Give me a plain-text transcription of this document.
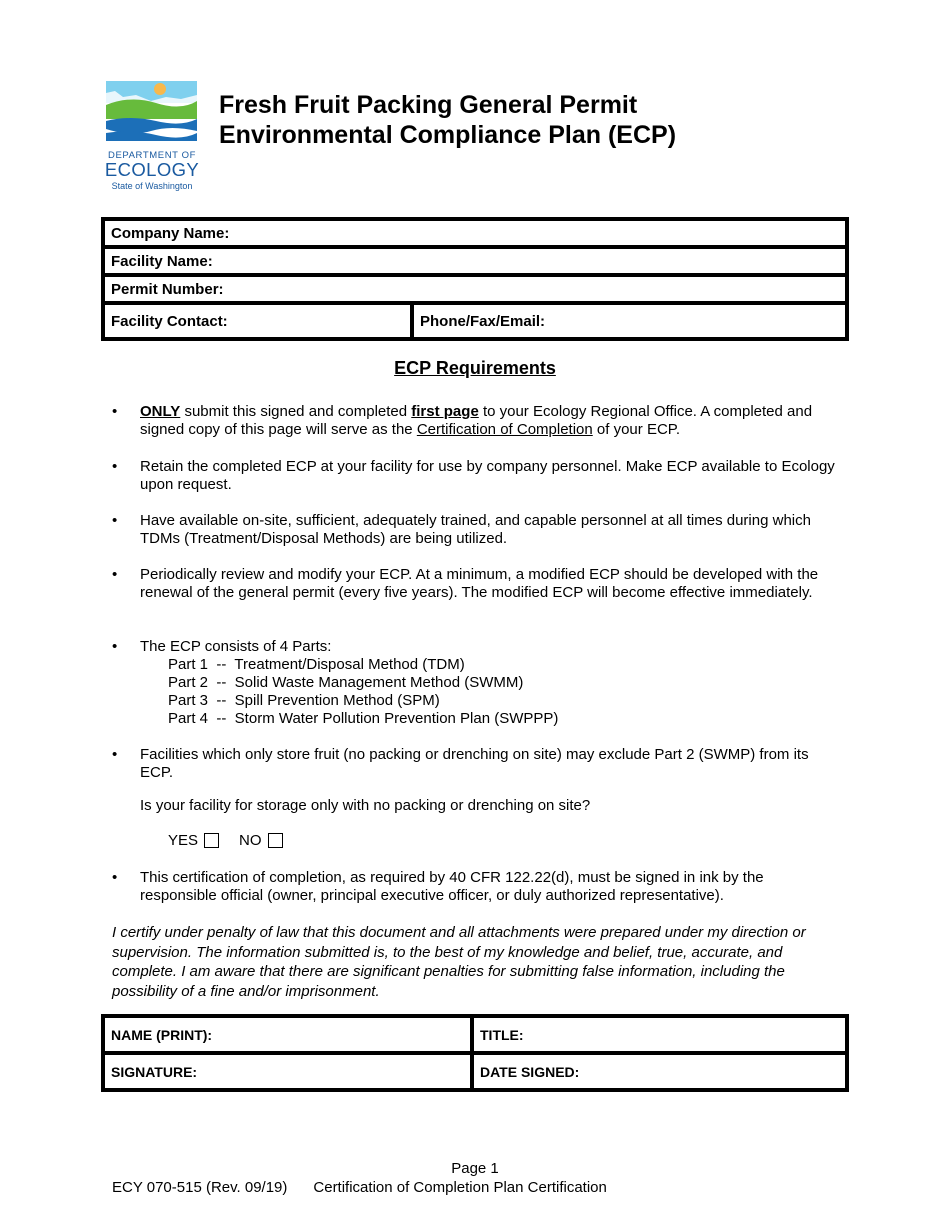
DEPARTMENT OF
ECOLOGY
State of Washington
Fresh Fruit Packing General Permit
Environmental Compliance Plan (ECP)
Company Name:
Facility Name:
Permit Number:
Facility Contact:	Phone/Fax/Email:
ECP Requirements
• ONLY submit this signed and completed first page to your Ecology Regional Office. A completed and signed copy of this page will serve as the Certification of Completion of your ECP.
• Retain the completed ECP at your facility for use by company personnel. Make ECP available to Ecology upon request.
• Have available on-site, sufficient, adequately trained, and capable personnel at all times during which TDMs (Treatment/Disposal Methods) are being utilized.
• Periodically review and modify your ECP. At a minimum, a modified ECP should be developed with the renewal of the general permit (every five years). The modified ECP will become effective immediately.
• The ECP consists of 4 Parts:
Part 1  --  Treatment/Disposal Method (TDM)
Part 2  --  Solid Waste Management Method (SWMM)
Part 3  --  Spill Prevention Method (SPM)
Part 4  --  Storm Water Pollution Prevention Plan (SWPPP)
• Facilities which only store fruit (no packing or drenching on site) may exclude Part 2 (SWMP) from its ECP.
Is your facility for storage only with no packing or drenching on site?
YES	NO
• This certification of completion, as required by 40 CFR 122.22(d), must be signed in ink by the responsible official (owner, principal executive officer, or duly authorized representative).
I certify under penalty of law that this document and all attachments were prepared under my direction or supervision. The information submitted is, to the best of my knowledge and belief, true, accurate, and complete. I am aware that there are significant penalties for submitting false information, including the possibility of a fine and/or imprisonment.
NAME (PRINT):	TITLE:
SIGNATURE:	DATE SIGNED:
Page 1
ECY 070-515 (Rev. 09/19) Certification of Completion Plan Certification
